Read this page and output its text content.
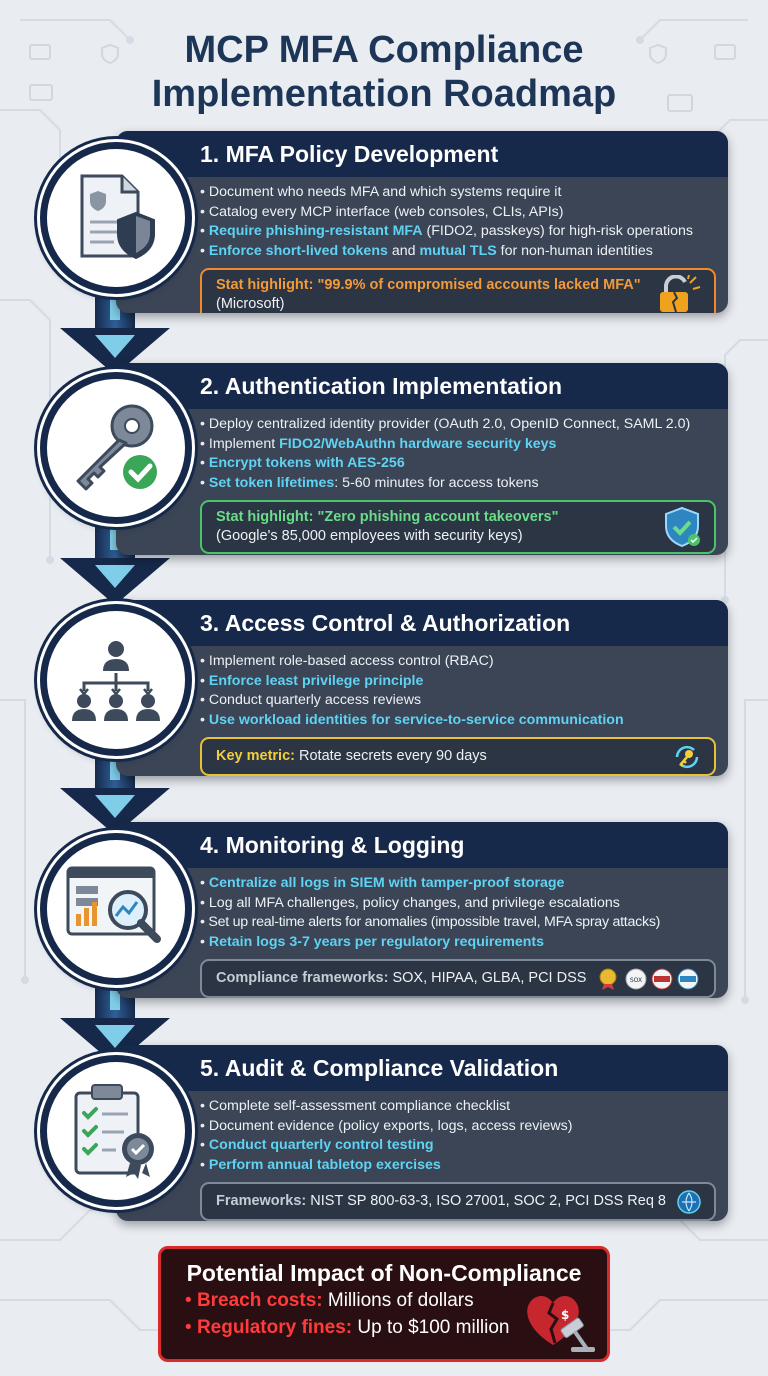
MCP MFA Compliance
Implementation Roadmap
1. MFA Policy Development
• Document who needs MFA and which systems require it
• Catalog every MCP interface (web consoles, CLIs, APIs)
• Require phishing-resistant MFA (FIDO2, passkeys) for high-risk operations
• Enforce short-lived tokens and mutual TLS for non-human identities
Stat highlight: "99.9% of compromised accounts lacked MFA"
(Microsoft)
2. Authentication Implementation
• Deploy centralized identity provider (OAuth 2.0, OpenID Connect, SAML 2.0)
• Implement FIDO2/WebAuthn hardware security keys
• Encrypt tokens with AES-256
• Set token lifetimes: 5-60 minutes for access tokens
Stat highlight: "Zero phishing account takeovers"
(Google's 85,000 employees with security keys)
3. Access Control & Authorization
• Implement role-based access control (RBAC)
• Enforce least privilege principle
• Conduct quarterly access reviews
• Use workload identities for service-to-service communication
Key metric: Rotate secrets every 90 days
4. Monitoring & Logging
• Centralize all logs in SIEM with tamper-proof storage
• Log all MFA challenges, policy changes, and privilege escalations
• Set up real-time alerts for anomalies (impossible travel, MFA spray attacks)
• Retain logs 3-7 years per regulatory requirements
Compliance frameworks: SOX, HIPAA, GLBA, PCI DSS	SOX
5. Audit & Compliance Validation
• Complete self-assessment compliance checklist
• Document evidence (policy exports, logs, access reviews)
• Conduct quarterly control testing
• Perform annual tabletop exercises
Frameworks: NIST SP 800-63-3, ISO 27001, SOC 2, PCI DSS Req 8
Potential Impact of Non-Compliance

• Breach costs: Millions of dollars

• Regulatory fines: Up to $100 million

$
